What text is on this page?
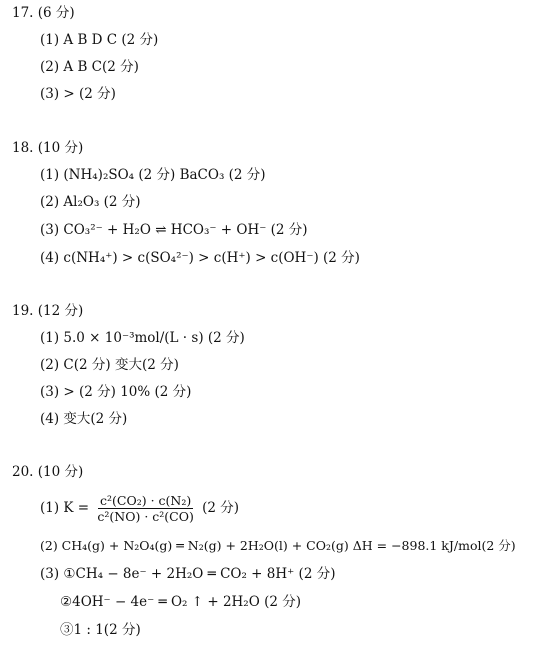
17. (6 分)
(1) A B D C (2 分)
(2) A B C(2 分)
(3) > (2 分)
18. (10 分)
(1) (NH₄)₂SO₄ (2 分) BaCO₃ (2 分)
(2) Al₂O₃ (2 分)
(3) CO₃²⁻ + H₂O ⇌ HCO₃⁻ + OH⁻ (2 分)
(4) c(NH₄⁺) > c(SO₄²⁻) > c(H⁺) > c(OH⁻) (2 分)
19. (12 分)
(1) 5.0 × 10⁻³mol/(L · s) (2 分)
(2) C(2 分) 变大(2 分)
(3) > (2 分) 10% (2 分)
(4) 变大(2 分)
20. (10 分)
(1) $K = \frac{\text{c²(CO₂) · c(N₂)}}{\text{c²(NO) · c²(CO)}} (2$ 分)
(2) CH₄(g) + N₂O₄(g) ═ N₂(g) + 2H₂O(l) + CO₂(g) ΔH = −898.1 kJ/mol(2 分)
(3) ①CH₄ − 8e⁻ + 2H₂O ═ CO₂ + 8H⁺ (2 分)
②4OH⁻ − 4e⁻ ═ O₂ ↑ + 2H₂O (2 分)
③1 : 1(2 分)
